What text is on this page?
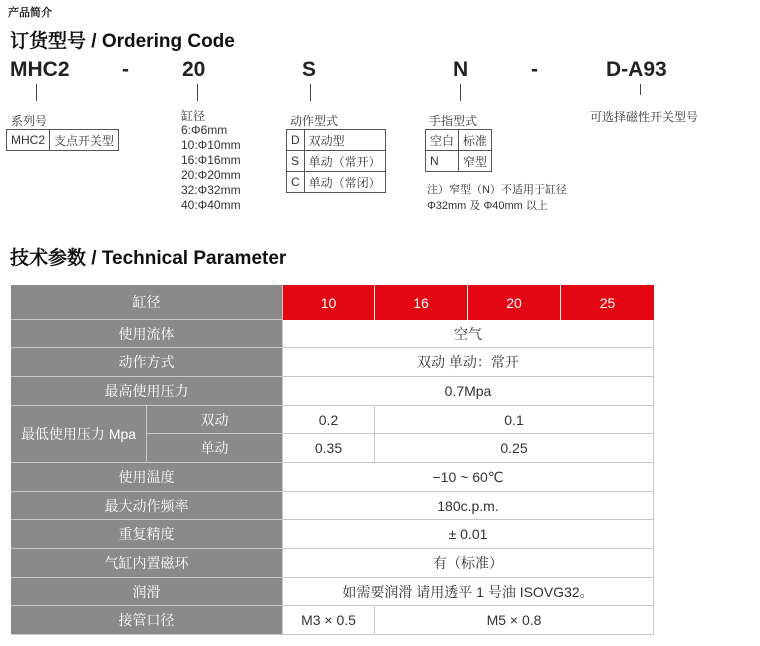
产品简介
订货型号 / Ordering Code
MHC2 -	20	S	N	-	D-A93
系列号
MHC2	支点开关型
缸径
6:Φ6mm
10:Φ10mm
16:Φ16mm
20:Φ20mm
32:Φ32mm
40:Φ40mm
动作型式
D	双动型
S	单动（常开）
C	单动（常闭）
手指型式
空白	标准
N	窄型
注）窄型（N）不适用于缸径
Φ32mm 及 Φ40mm 以上
可选择磁性开关型号
技术参数 / Technical Parameter
缸径	10	16	20	25
使用流体	空气
动作方式	双动 单动：常开
最高使用压力	0.7Mpa
最低使用压力 Mpa
双动	0.2	0.1
单动	0.35	0.25
使用温度	−10 ~ 60℃
最大动作频率	180c.p.m.
重复精度	± 0.01
气缸内置磁环	有（标准）
润滑	如需要润滑 请用透平 1 号油 ISOVG32。
接管口径	M3 × 0.5	M5 × 0.8
